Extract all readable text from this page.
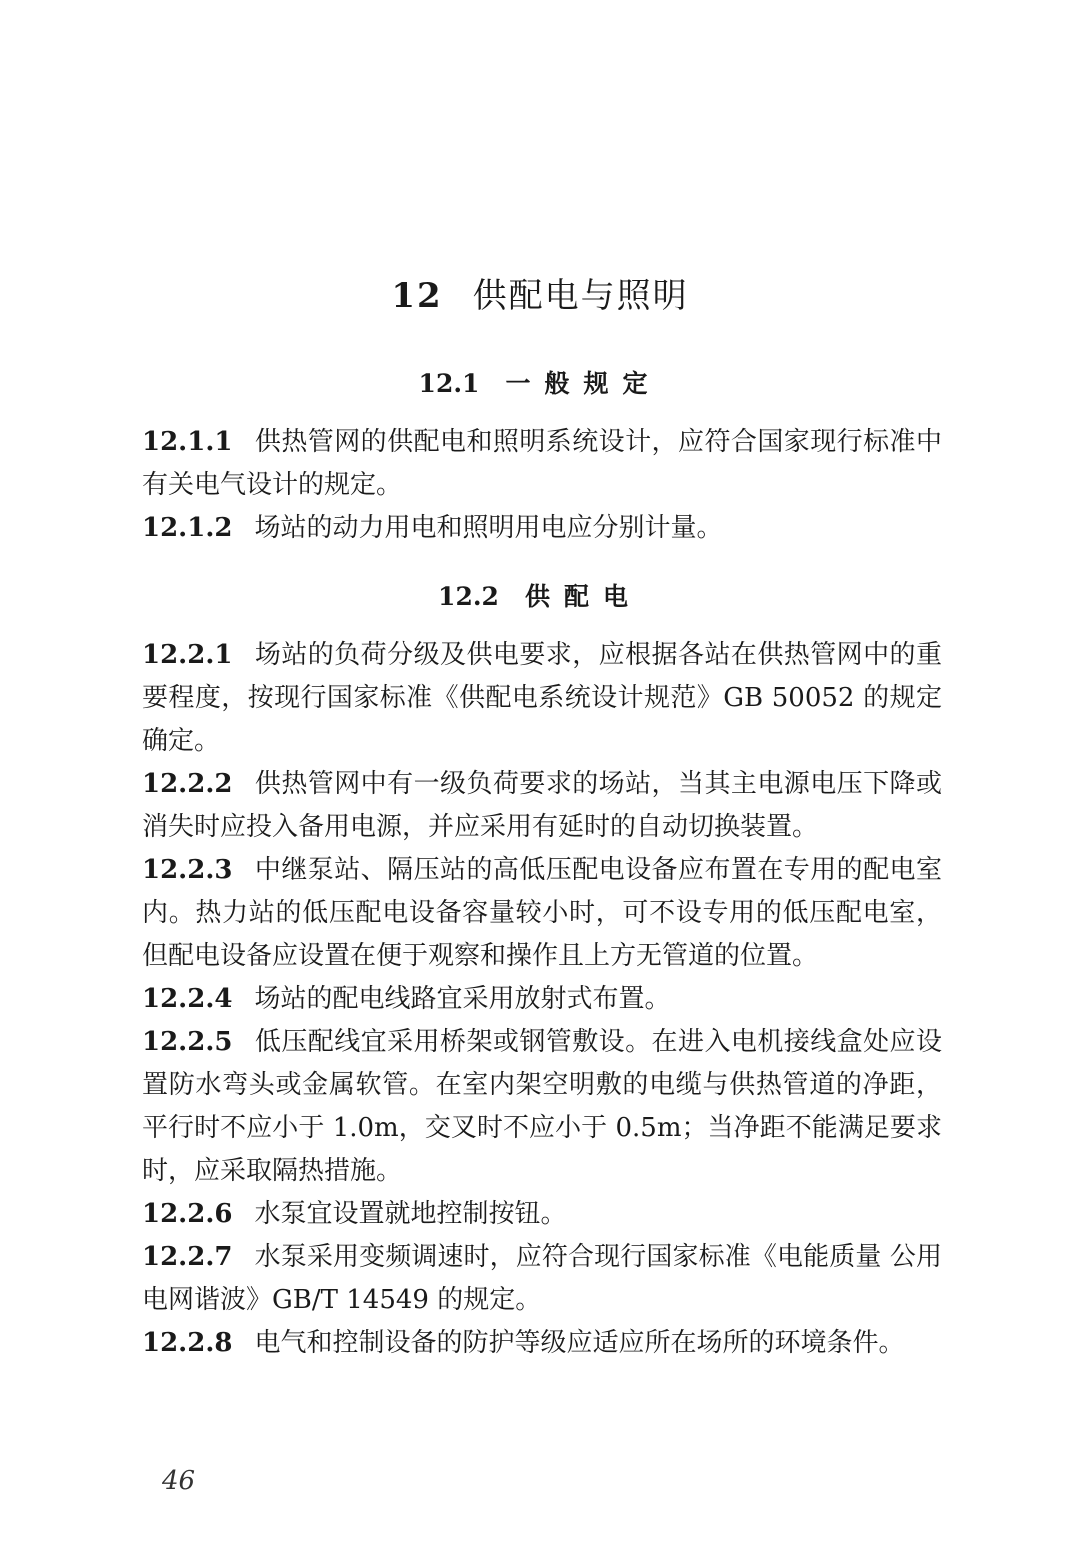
12 供配电与照明
12.1 一般规定

12.1.1 供热管网的供配电和照明系统设计，应符合国家现行标准中有关电气设计的规定。

12.1.2 场站的动力用电和照明用电应分别计量。

12.2 供配电

12.2.1 场站的负荷分级及供电要求，应根据各站在供热管网中的重要程度，按现行国家标准《供配电系统设计规范》GB 50052 的规定确定。

12.2.2 供热管网中有一级负荷要求的场站，当其主电源电压下降或消失时应投入备用电源，并应采用有延时的自动切换装置。

12.2.3 中继泵站、隔压站的高低压配电设备应布置在专用的配电室内。热力站的低压配电设备容量较小时，可不设专用的低压配电室，但配电设备应设置在便于观察和操作且上方无管道的位置。

12.2.4 场站的配电线路宜采用放射式布置。

12.2.5 低压配线宜采用桥架或钢管敷设。在进入电机接线盒处应设置防水弯头或金属软管。在室内架空明敷的电缆与供热管道的净距，平行时不应小于 1.0m，交叉时不应小于 0.5m；当净距不能满足要求时，应采取隔热措施。

12.2.6 水泵宜设置就地控制按钮。

12.2.7 水泵采用变频调速时，应符合现行国家标准《电能质量 公用电网谐波》GB/T 14549 的规定。

12.2.8 电气和控制设备的防护等级应适应所在场所的环境条件。

46
